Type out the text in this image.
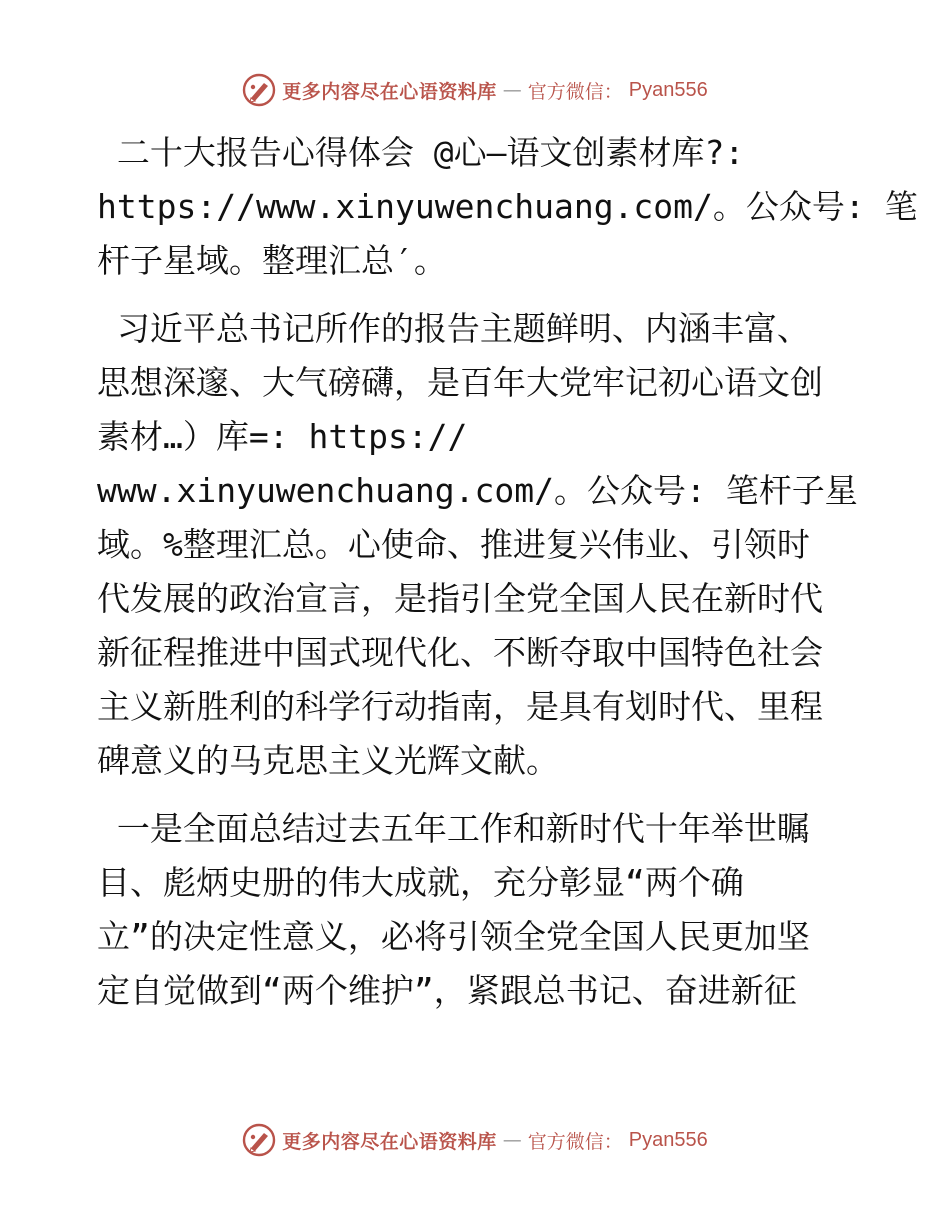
更多内容尽在心语资料库 — 官方微信： Pyan556
二十大报告心得体会 @心—语文创素材库?:
https://www.xinyuwenchuang.com/。公众号: 笔
杆子星域。整理汇总′。
习近平总书记所作的报告主题鲜明、内涵丰富、
思想深邃、大气磅礴，是百年大党牢记初心语文创
素材…）库=: https://
www.xinyuwenchuang.com/。公众号: 笔杆子星
域。%整理汇总。心使命、推进复兴伟业、引领时
代发展的政治宣言，是指引全党全国人民在新时代
新征程推进中国式现代化、不断夺取中国特色社会
主义新胜利的科学行动指南，是具有划时代、里程
碑意义的马克思主义光辉文献。
一是全面总结过去五年工作和新时代十年举世瞩
目、彪炳史册的伟大成就，充分彰显“两个确
立”的决定性意义，必将引领全党全国人民更加坚
定自觉做到“两个维护”，紧跟总书记、奋进新征
更多内容尽在心语资料库 — 官方微信： Pyan556
